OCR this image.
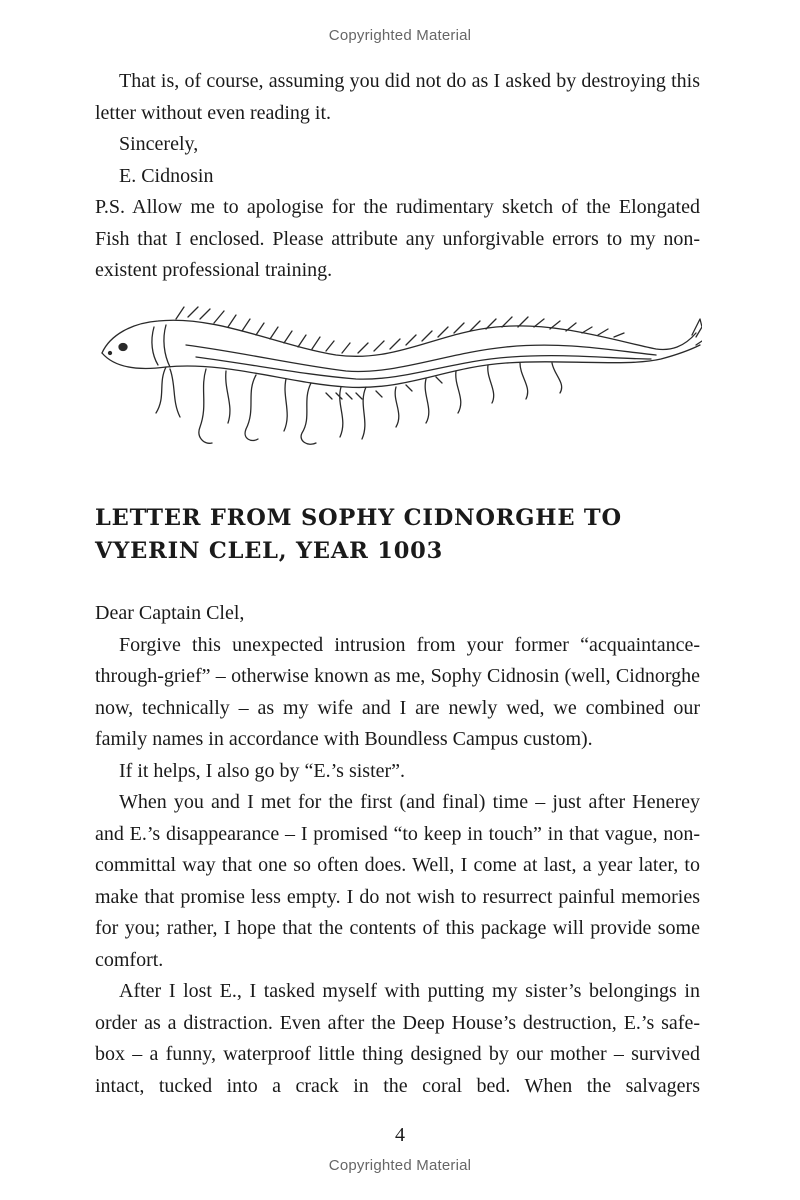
Copyrighted Material

That is, of course, assuming you did not do as I asked by destroying this letter without even reading it.

Sincerely,

E. Cidnosin

P.S. Allow me to apologise for the rudimentary sketch of the Elongated Fish that I enclosed. Please attribute any unforgivable errors to my non-existent professional training.

LETTER FROM SOPHY CIDNORGHE TO
VYERIN CLEL, YEAR 1003

Dear Captain Clel,

Forgive this unexpected intrusion from your former “acquaintance-through-grief” – otherwise known as me, Sophy Cidnosin (well, Cidnorghe now, technically – as my wife and I are newly wed, we combined our family names in accordance with Boundless Campus custom).

If it helps, I also go by “E.’s sister”.

When you and I met for the first (and final) time – just after Henerey and E.’s disappearance – I promised “to keep in touch” in that vague, non-committal way that one so often does. Well, I come at last, a year later, to make that promise less empty. I do not wish to resurrect painful memories for you; rather, I hope that the contents of this package will provide some comfort.

After I lost E., I tasked myself with putting my sister’s belongings in order as a distraction. Even after the Deep House’s destruction, E.’s safe-box – a funny, waterproof little thing designed by our mother – survived intact, tucked into a crack in the coral bed. When the salvagers

4
Copyrighted Material
